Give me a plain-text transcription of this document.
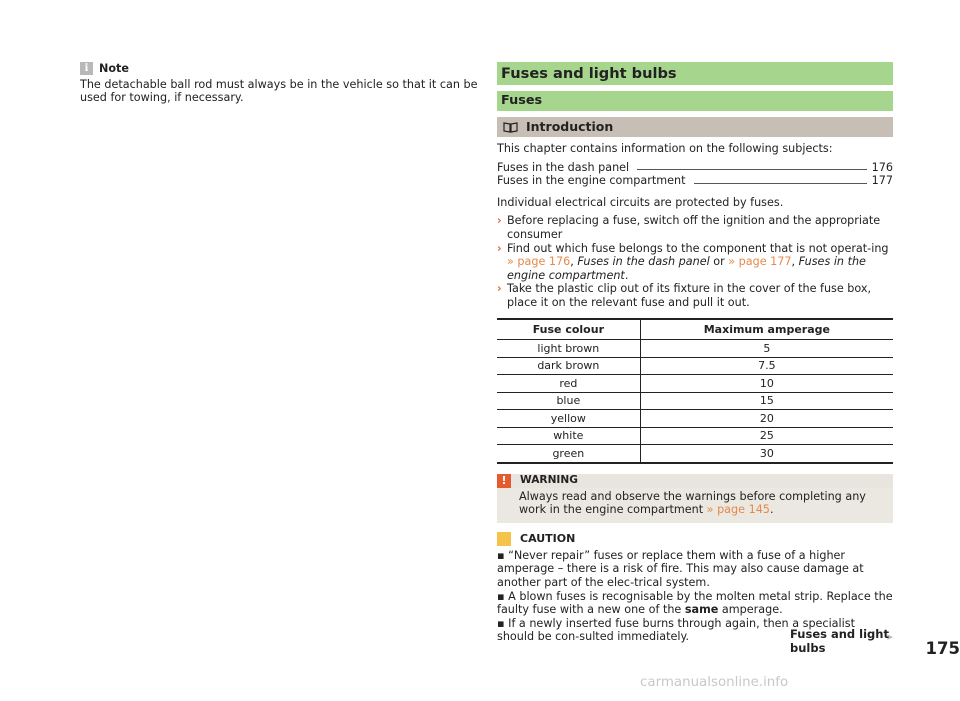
i Note

The detachable ball rod must always be in the vehicle so that it can be used for towing, if necessary.

Fuses and light bulbs
Fuses
Introduction

This chapter contains information on the following subjects:

Fuses in the dash panel	176
Fuses in the engine compartment	177

Individual electrical circuits are protected by fuses.

› Before replacing a fuse, switch off the ignition and the appropriate consumer
› Find out which fuse belongs to the component that is not operat-ing » page 176, Fuses in the dash panel or » page 177, Fuses in the engine compartment.
› Take the plastic clip out of its fixture in the cover of the fuse box, place it on the relevant fuse and pull it out.
Fuse colour	Maximum amperage
light brown	5
dark brown	7.5
red	10
blue	15
yellow	20
white	25
green	30
!	WARNING
Always read and observe the warnings before completing any work in the engine compartment » page 145.
CAUTION

▪ “Never repair” fuses or replace them with a fuse of a higher amperage – there is a risk of fire. This may also cause damage at another part of the elec-trical system.

▪ A blown fuses is recognisable by the molten metal strip. Replace the faulty fuse with a new one of the same amperage.

▪ If a newly inserted fuse burns through again, then a specialist should be con-sulted immediately.	▸
Fuses and light bulbs	175
carmanualsonline.info
